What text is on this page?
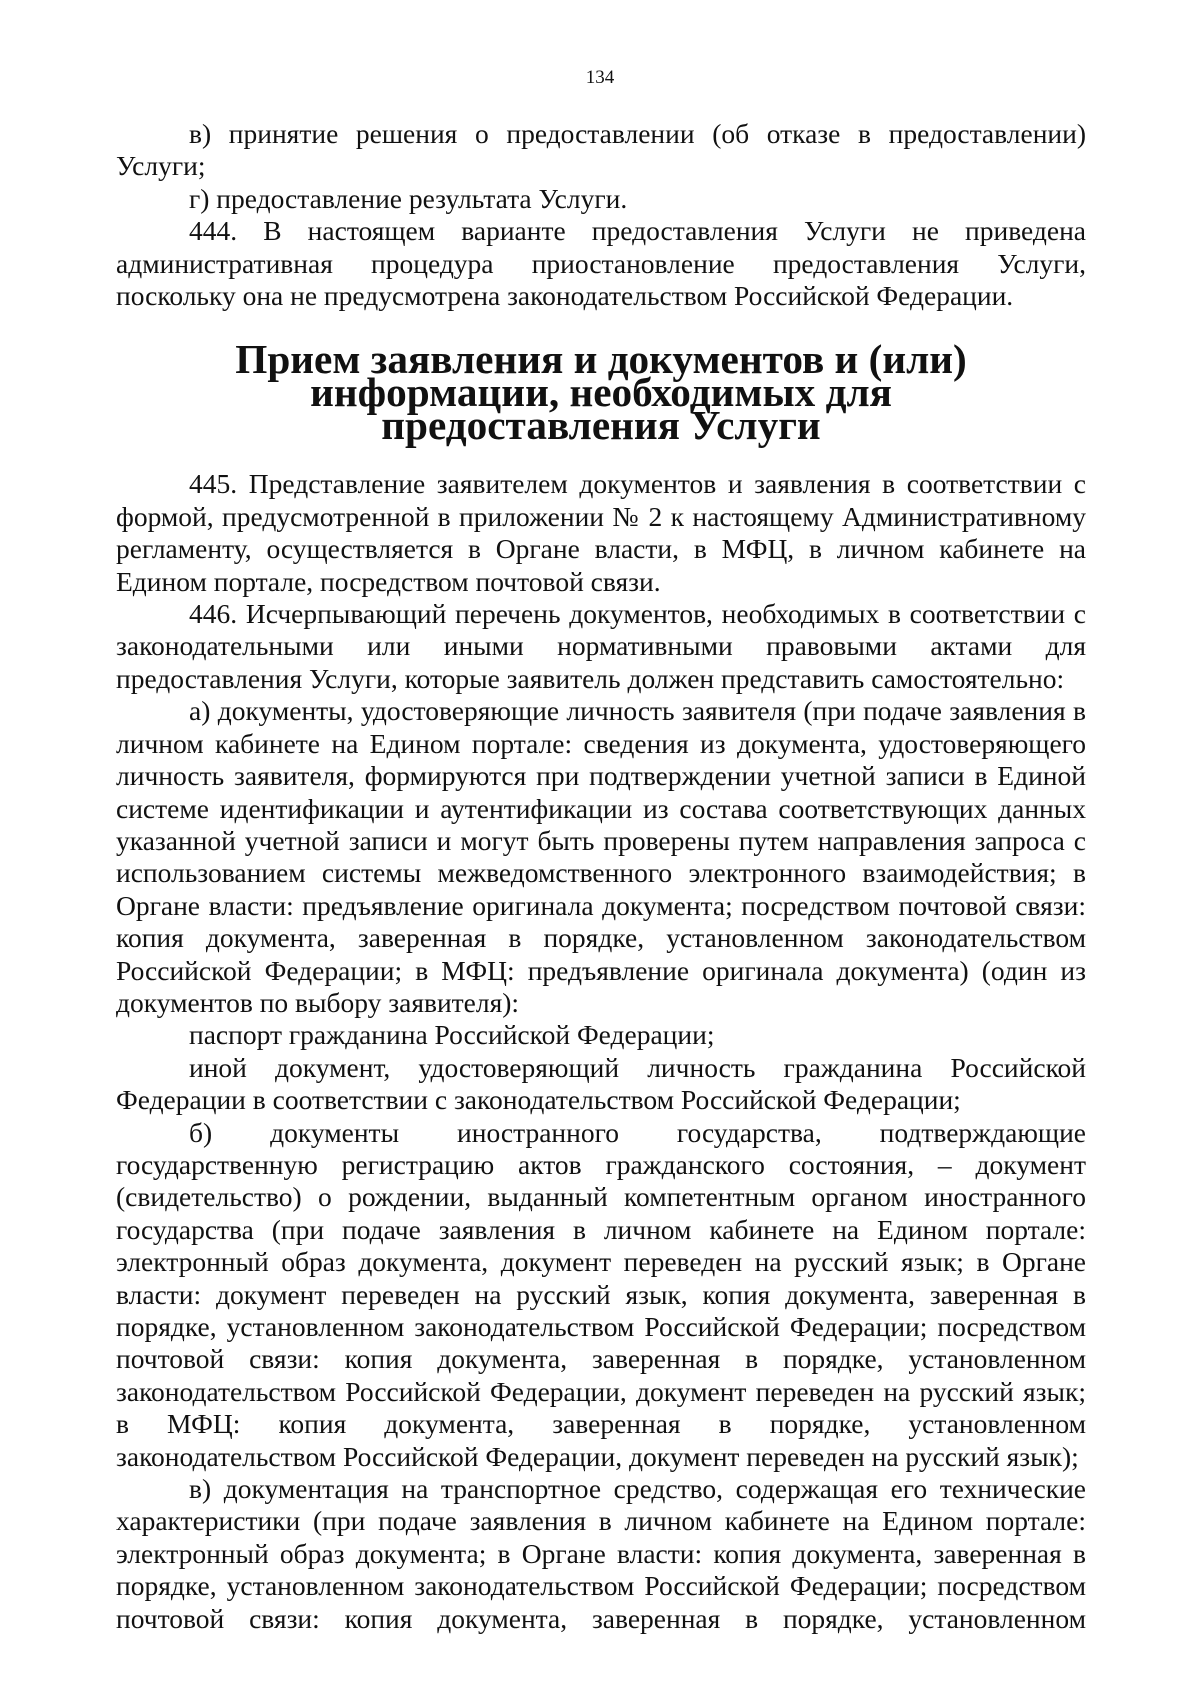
134

в) принятие решения о предоставлении (об отказе в предоставлении) Услуги;

г) предоставление результата Услуги.

444. В настоящем варианте предоставления Услуги не приведена административная процедура приостановление предоставления Услуги, поскольку она не предусмотрена законодательством Российской Федерации.

Прием заявления и документов и (или) информации, необходимых для
предоставления Услуги

445. Представление заявителем документов и заявления в соответствии с формой, предусмотренной в приложении № 2 к настоящему Административному регламенту, осуществляется в Органе власти, в МФЦ, в личном кабинете на Едином портале, посредством почтовой связи.

446. Исчерпывающий перечень документов, необходимых в соответствии с законодательными или иными нормативными правовыми актами для предоставления Услуги, которые заявитель должен представить самостоятельно:

а) документы, удостоверяющие личность заявителя (при подаче заявления в личном кабинете на Едином портале: сведения из документа, удостоверяющего личность заявителя, формируются при подтверждении учетной записи в Единой системе идентификации и аутентификации из состава соответствующих данных указанной учетной записи и могут быть проверены путем направления запроса с использованием системы межведомственного электронного взаимодействия; в Органе власти: предъявление оригинала документа; посредством почтовой связи: копия документа, заверенная в порядке, установленном законодательством Российской Федерации; в МФЦ: предъявление оригинала документа) (один из документов по выбору заявителя):

паспорт гражданина Российской Федерации;

иной документ, удостоверяющий личность гражданина Российской Федерации в соответствии с законодательством Российской Федерации;

б) документы иностранного государства, подтверждающие государственную регистрацию актов гражданского состояния, – документ (свидетельство) о рождении, выданный компетентным органом иностранного государства (при подаче заявления в личном кабинете на Едином портале: электронный образ документа, документ переведен на русский язык; в Органе власти: документ переведен на русский язык, копия документа, заверенная в порядке, установленном законодательством Российской Федерации; посредством почтовой связи: копия документа, заверенная в порядке, установленном законодательством Российской Федерации, документ переведен на русский язык; в МФЦ: копия документа, заверенная в порядке, установленном законодательством Российской Федерации, документ переведен на русский язык);

в) документация на транспортное средство, содержащая его технические характеристики (при подаче заявления в личном кабинете на Едином портале: электронный образ документа; в Органе власти: копия документа, заверенная в порядке, установленном законодательством Российской Федерации; посредством почтовой связи: копия документа, заверенная в порядке, установленном
